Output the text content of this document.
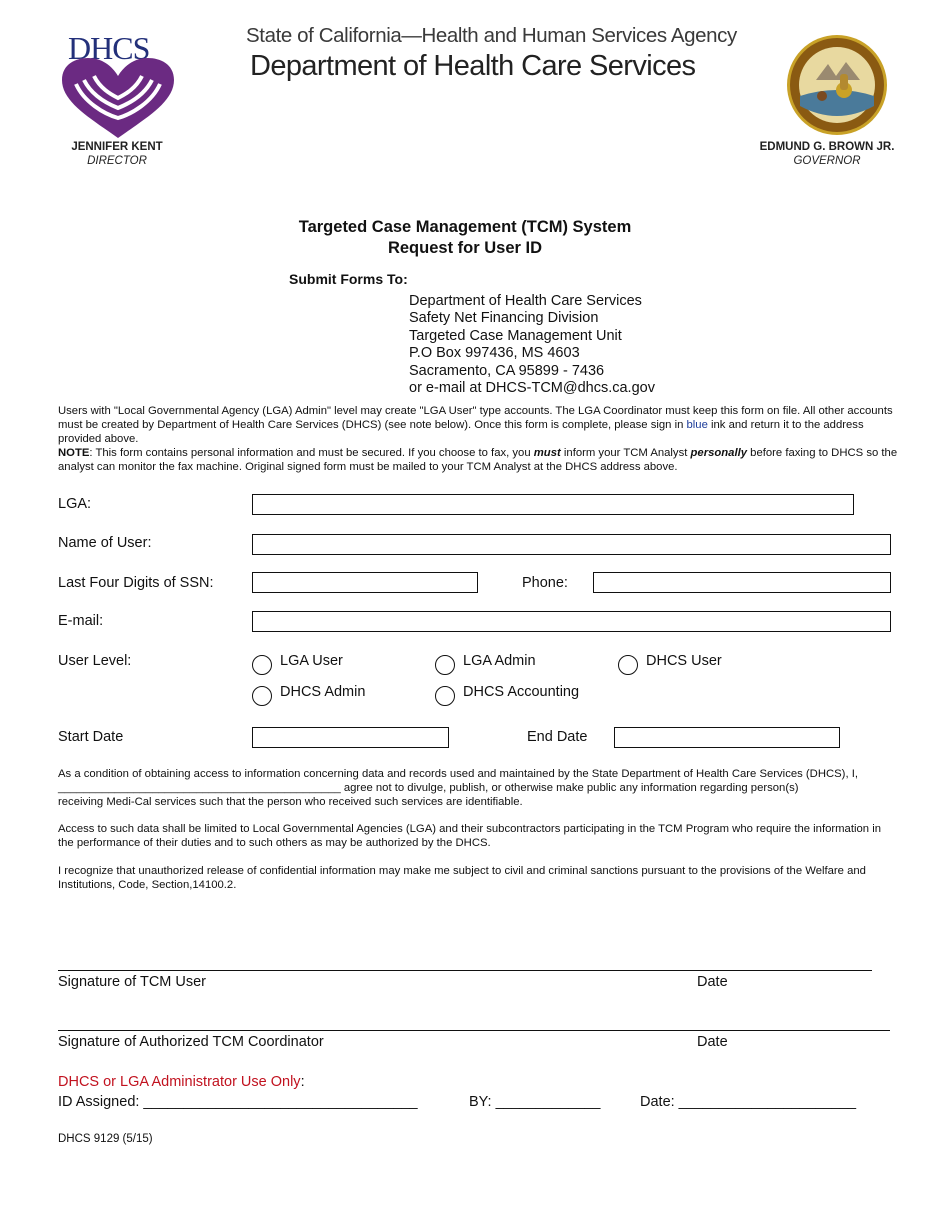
DHCS
JENNIFER KENT
DIRECTOR
State of California—Health and Human Services Agency
Department of Health Care Services
EDMUND G. BROWN JR.
GOVERNOR
Targeted Case Management (TCM) System
Request for User ID
Submit Forms To:
Department of Health Care Services
Safety Net Financing Division
Targeted Case Management Unit
P.O Box 997436, MS 4603
Sacramento, CA 95899 - 7436
or e-mail at DHCS-TCM@dhcs.ca.gov
Users with "Local Governmental Agency (LGA) Admin" level may create "LGA User" type accounts. The LGA Coordinator must keep this form on file. All other accounts must be created by Department of Health Care Services (DHCS) (see note below). Once this form is complete, please sign in blue ink and return it to the address provided above.
NOTE: This form contains personal information and must be secured. If you choose to fax, you must inform your TCM Analyst personally before faxing to DHCS so the analyst can monitor the fax machine. Original signed form must be mailed to your TCM Analyst at the DHCS address above.
LGA:
Name of User:
Last Four Digits of SSN:	Phone:
E-mail:
User Level:	LGA User	LGA Admin	DHCS User
DHCS Admin	DHCS Accounting
Start Date	End Date
As a condition of obtaining access to information concerning data and records used and maintained by the State Department of Health Care Services (DHCS), I,
_____________________________________________ agree not to divulge, publish, or otherwise make public any information regarding person(s)
receiving Medi-Cal services such that the person who received such services are identifiable.
Access to such data shall be limited to Local Governmental Agencies (LGA) and their subcontractors participating in the TCM Program who require the information in the performance of their duties and to such others as may be authorized by the DHCS.
I recognize that unauthorized release of confidential information may make me subject to civil and criminal sanctions pursuant to the provisions of the Welfare and Institutions, Code, Section,14100.2.
Signature of TCM User	Date
Signature of Authorized TCM Coordinator	Date
DHCS or LGA Administrator Use Only:
ID Assigned: __________________________________	BY: _____________	Date: ______________________
DHCS 9129 (5/15)
